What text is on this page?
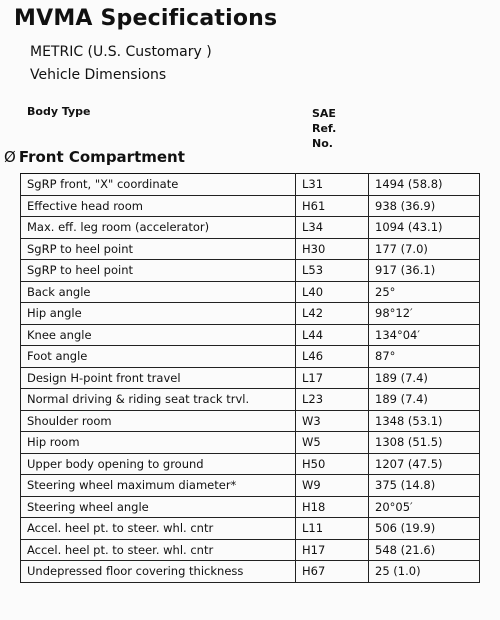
MVMA Specifications
METRIC (U.S. Customary )
Vehicle Dimensions
Body Type	SAE
Ref.
No.
Ø Front Compartment
SgRP front, "X" coordinate	L31	1494 (58.8)
Effective head room	H61	938 (36.9)
Max. eff. leg room (accelerator)	L34	1094 (43.1)
SgRP to heel point	H30	177 (7.0)
SgRP to heel point	L53	917 (36.1)
Back angle	L40	25°
Hip angle	L42	98°12′
Knee angle	L44	134°04′
Foot angle	L46	87°
Design H-point front travel	L17	189 (7.4)
Normal driving & riding seat track trvl.	L23	189 (7.4)
Shoulder room	W3	1348 (53.1)
Hip room	W5	1308 (51.5)
Upper body opening to ground	H50	1207 (47.5)
Steering wheel maximum diameter*	W9	375 (14.8)
Steering wheel angle	H18	20°05′
Accel. heel pt. to steer. whl. cntr	L11	506 (19.9)
Accel. heel pt. to steer. whl. cntr	H17	548 (21.6)
Undepressed floor covering thickness	H67	25 (1.0)
